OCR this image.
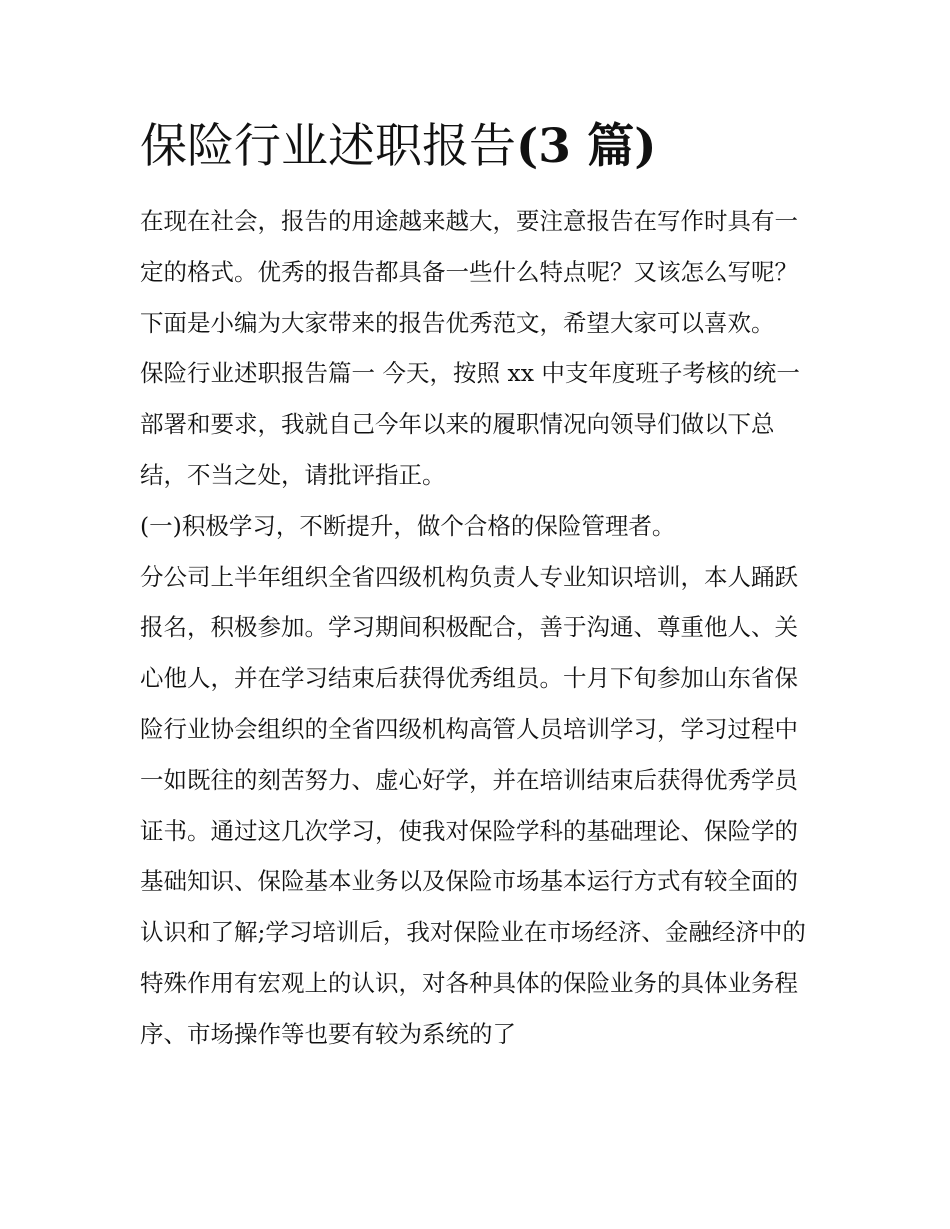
保险行业述职报告(3 篇)

在现在社会，报告的用途越来越大，要注意报告在写作时具有一定的格式。优秀的报告都具备一些什么特点呢？又该怎么写呢？下面是小编为大家带来的报告优秀范文，希望大家可以喜欢。

保险行业述职报告篇一 今天，按照 xx 中支年度班子考核的统一部署和要求，我就自己今年以来的履职情况向领导们做以下总结，不当之处，请批评指正。

(一)积极学习，不断提升，做个合格的保险管理者。

分公司上半年组织全省四级机构负责人专业知识培训，本人踊跃报名，积极参加。学习期间积极配合，善于沟通、尊重他人、关心他人，并在学习结束后获得优秀组员。十月下旬参加山东省保险行业协会组织的全省四级机构高管人员培训学习，学习过程中一如既往的刻苦努力、虚心好学，并在培训结束后获得优秀学员证书。通过这几次学习，使我对保险学科的基础理论、保险学的基础知识、保险基本业务以及保险市场基本运行方式有较全面的认识和了解;学习培训后，我对保险业在市场经济、金融经济中的特殊作用有宏观上的认识，对各种具体的保险业务的具体业务程序、市场操作等也要有较为系统的了
